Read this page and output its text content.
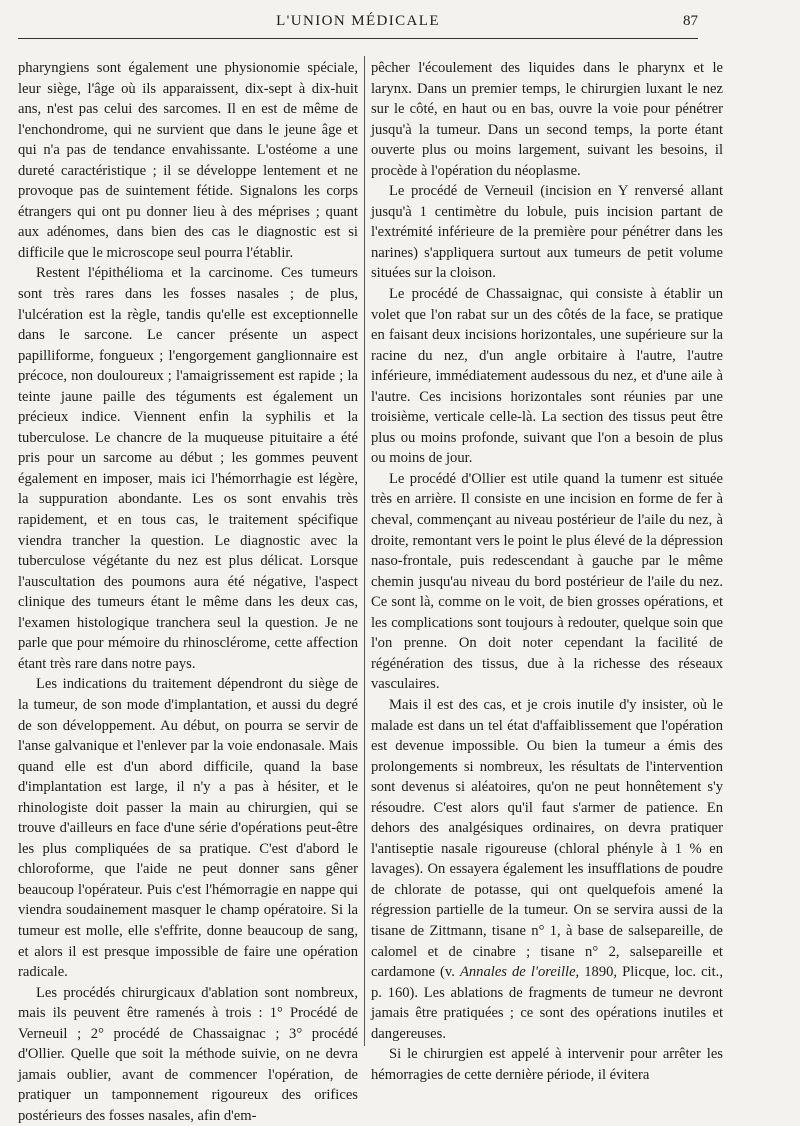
L'UNION MÉDICALE	87

pharyngiens sont également une physionomie spéciale, leur siège, l'âge où ils apparaissent, dix-sept à dix-huit ans, n'est pas celui des sarcomes. Il en est de même de l'enchondrome, qui ne survient que dans le jeune âge et qui n'a pas de tendance envahissante. L'ostéome a une dureté caractéristique ; il se développe lentement et ne provoque pas de suintement fétide. Signalons les corps étrangers qui ont pu donner lieu à des méprises ; quant aux adénomes, dans bien des cas le diagnostic est si difficile que le microscope seul pourra l'établir.

Restent l'épithélioma et la carcinome. Ces tumeurs sont très rares dans les fosses nasales ; de plus, l'ulcération est la règle, tandis qu'elle est exceptionnelle dans le sarcone. Le cancer présente un aspect papilliforme, fongueux ; l'engorgement ganglionnaire est précoce, non douloureux ; l'amaigrissement est rapide ; la teinte jaune paille des téguments est également un précieux indice. Viennent enfin la syphilis et la tuberculose. Le chancre de la muqueuse pituitaire a été pris pour un sarcome au début ; les gommes peuvent également en imposer, mais ici l'hémorrhagie est légère, la suppuration abondante. Les os sont envahis très rapidement, et en tous cas, le traitement spécifique viendra trancher la question. Le diagnostic avec la tuberculose végétante du nez est plus délicat. Lorsque l'auscultation des poumons aura été négative, l'aspect clinique des tumeurs étant le même dans les deux cas, l'examen histologique tranchera seul la question. Je ne parle que pour mémoire du rhinosclérome, cette affection étant très rare dans notre pays.

Les indications du traitement dépendront du siège de la tumeur, de son mode d'implantation, et aussi du degré de son développement. Au début, on pourra se servir de l'anse galvanique et l'enlever par la voie endonasale. Mais quand elle est d'un abord difficile, quand la base d'implantation est large, il n'y a pas à hésiter, et le rhinologiste doit passer la main au chirurgien, qui se trouve d'ailleurs en face d'une série d'opérations peut-être les plus compliquées de sa pratique. C'est d'abord le chloroforme, que l'aide ne peut donner sans gêner beaucoup l'opérateur. Puis c'est l'hémorragie en nappe qui viendra soudainement masquer le champ opératoire. Si la tumeur est molle, elle s'effrite, donne beaucoup de sang, et alors il est presque impossible de faire une opération radicale.

Les procédés chirurgicaux d'ablation sont nombreux, mais ils peuvent être ramenés à trois : 1° Procédé de Verneuil ; 2° procédé de Chassaignac ; 3° procédé d'Ollier. Quelle que soit la méthode suivie, on ne devra jamais oublier, avant de commencer l'opération, de pratiquer un tamponnement rigoureux des orifices postérieurs des fosses nasales, afin d'em-

pêcher l'écoulement des liquides dans le pharynx et le larynx. Dans un premier temps, le chirurgien luxant le nez sur le côté, en haut ou en bas, ouvre la voie pour pénétrer jusqu'à la tumeur. Dans un second temps, la porte étant ouverte plus ou moins largement, suivant les besoins, il procède à l'opération du néoplasme.

Le procédé de Verneuil (incision en Y renversé allant jusqu'à 1 centimètre du lobule, puis incision partant de l'extrémité inférieure de la première pour pénétrer dans les narines) s'appliquera surtout aux tumeurs de petit volume situées sur la cloison.

Le procédé de Chassaignac, qui consiste à établir un volet que l'on rabat sur un des côtés de la face, se pratique en faisant deux incisions horizontales, une supérieure sur la racine du nez, d'un angle orbitaire à l'autre, l'autre inférieure, immédiatement audessous du nez, et d'une aile à l'autre. Ces incisions horizontales sont réunies par une troisième, verticale celle-là. La section des tissus peut être plus ou moins profonde, suivant que l'on a besoin de plus ou moins de jour.

Le procédé d'Ollier est utile quand la tumenr est située très en arrière. Il consiste en une incision en forme de fer à cheval, commençant au niveau postérieur de l'aile du nez, à droite, remontant vers le point le plus élevé de la dépression naso-frontale, puis redescendant à gauche par le même chemin jusqu'au niveau du bord postérieur de l'aile du nez. Ce sont là, comme on le voit, de bien grosses opérations, et les complications sont toujours à redouter, quelque soin que l'on prenne. On doit noter cependant la facilité de régénération des tissus, due à la richesse des réseaux vasculaires.

Mais il est des cas, et je crois inutile d'y insister, où le malade est dans un tel état d'affaiblissement que l'opération est devenue impossible. Ou bien la tumeur a émis des prolongements si nombreux, les résultats de l'intervention sont devenus si aléatoires, qu'on ne peut honnêtement s'y résoudre. C'est alors qu'il faut s'armer de patience. En dehors des analgésiques ordinaires, on devra pratiquer l'antiseptie nasale rigoureuse (chloral phényle à 1 % en lavages). On essayera également les insufflations de poudre de chlorate de potasse, qui ont quelquefois amené la régression partielle de la tumeur. On se servira aussi de la tisane de Zittmann, tisane n° 1, à base de salsepareille, de calomel et de cinabre ; tisane n° 2, salsepareille et cardamone (v. Annales de l'oreille, 1890, Plicque, loc. cit., p. 160). Les ablations de fragments de tumeur ne devront jamais être pratiquées ; ce sont des opérations inutiles et dangereuses.

Si le chirurgien est appelé à intervenir pour arrêter les hémorragies de cette dernière période, il évitera
